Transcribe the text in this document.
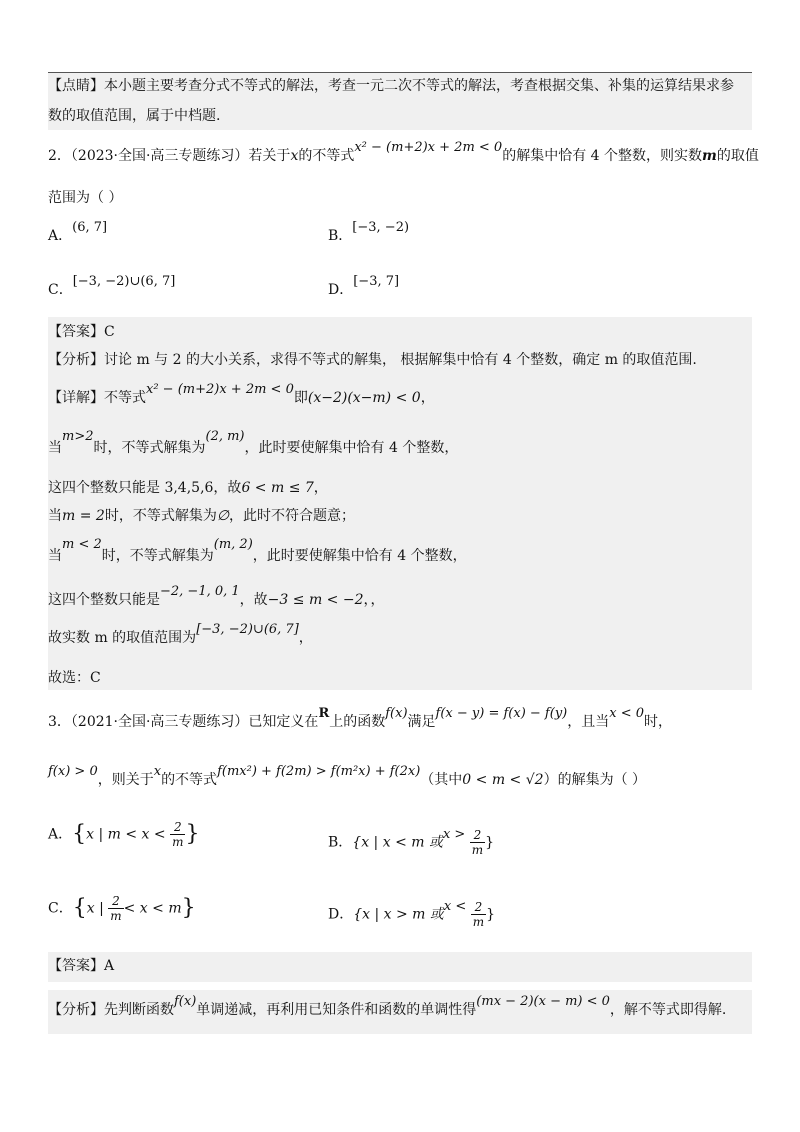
【点睛】本小题主要考查分式不等式的解法，考查一元二次不等式的解法，考查根据交集、补集的运算结果求参
数的取值范围，属于中档题.
2．（2023·全国·高三专题练习）若关于x的不等式x² − (m+2)x + 2m < 0的解集中恰有 4 个整数，则实数m的取值
范围为（ ）
A．(6, 7]
B．[−3, −2)
C．[−3, −2)∪(6, 7]
D．[−3, 7]
【答案】C
【分析】讨论 m 与 2 的大小关系，求得不等式的解集， 根据解集中恰有 4 个整数，确定 m 的取值范围.
【详解】不等式x² − (m+2)x + 2m < 0即(x−2)(x−m) < 0，
当m>2时，不等式解集为(2, m)，此时要使解集中恰有 4 个整数，
这四个整数只能是 3,4,5,6，故6 < m ≤ 7，
当m = 2时，不等式解集为∅，此时不符合题意；
当m < 2时，不等式解集为(m, 2)，此时要使解集中恰有 4 个整数，
这四个整数只能是−2, −1, 0, 1，故−3 ≤ m < −2，，
故实数 m 的取值范围为[−3, −2)∪(6, 7]，
故选：C
3．（2021·全国·高三专题练习）已知定义在R上的函数f(x)满足f(x − y) = f(x) − f(y)，且当x < 0时，
f(x) > 0，则关于x的不等式f(mx²) + f(2m) > f(m²x) + f(2x)（其中0 < m < √2）的解集为（ ）
A．{x | $m < x < \frac{2}{m}$ }	B．{x | x < m 或$x > \frac{2}{m}$ }
C．{x | $\frac{2}{m} < x < m$}	D．{x | x > m 或$x < \frac{2}{m}$ }
【答案】A
【分析】先判断函数f(x)单调递减，再利用已知条件和函数的单调性得(mx − 2)(x − m) < 0，解不等式即得解.
